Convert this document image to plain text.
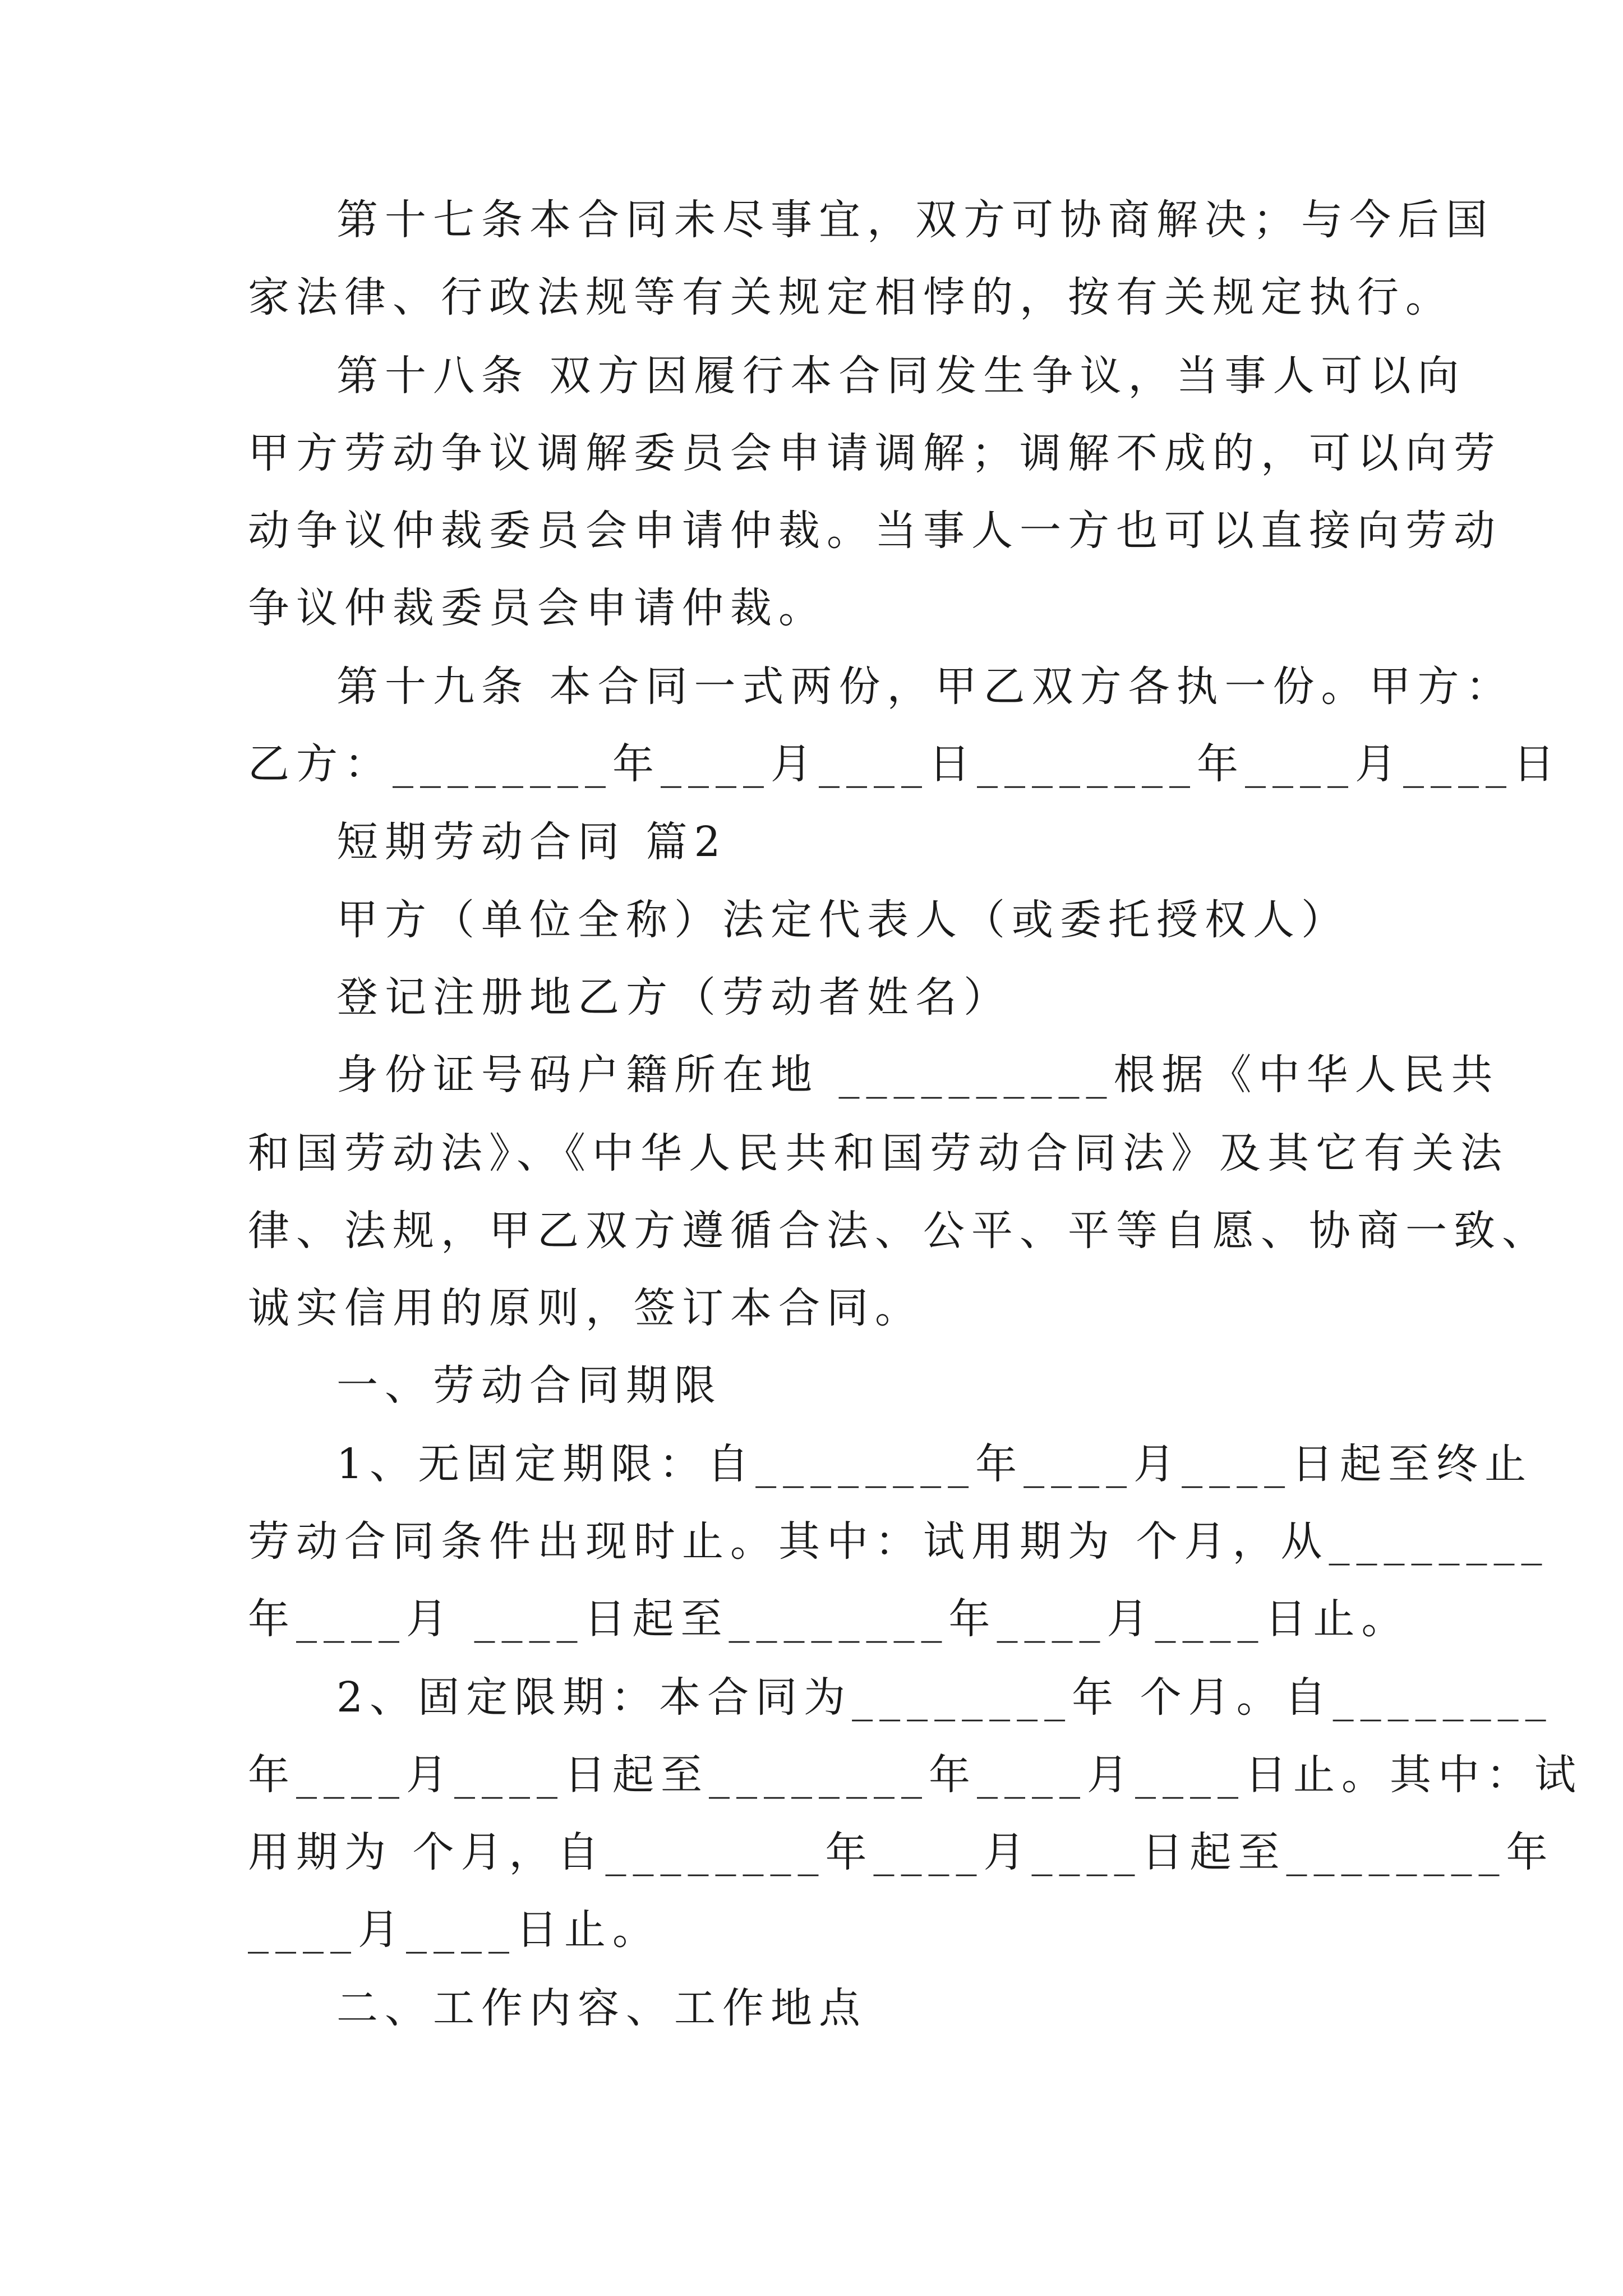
第十七条本合同未尽事宜，双方可协商解决；与今后国
家法律、行政法规等有关规定相悖的，按有关规定执行。
第十八条 双方因履行本合同发生争议，当事人可以向
甲方劳动争议调解委员会申请调解；调解不成的，可以向劳
动争议仲裁委员会申请仲裁。当事人一方也可以直接向劳动
争议仲裁委员会申请仲裁。
第十九条 本合同一式两份，甲乙双方各执一份。甲方：
乙方：________年____月____日________年____月____日
短期劳动合同 篇2
甲方（单位全称）法定代表人（或委托授权人）
登记注册地乙方（劳动者姓名）
身份证号码户籍所在地 __________根据《中华人民共
和国劳动法》、《中华人民共和国劳动合同法》及其它有关法
律、法规，甲乙双方遵循合法、公平、平等自愿、协商一致、
诚实信用的原则，签订本合同。
一、劳动合同期限
1、无固定期限：自________年____月____日起至终止
劳动合同条件出现时止。其中：试用期为 个月，从________
年____月 ____日起至________年____月____日止。
2、固定限期：本合同为________年 个月。自________
年____月____日起至________年____月____日止。其中：试
用期为 个月，自________年____月____日起至________年
____月____日止。
二、工作内容、工作地点
